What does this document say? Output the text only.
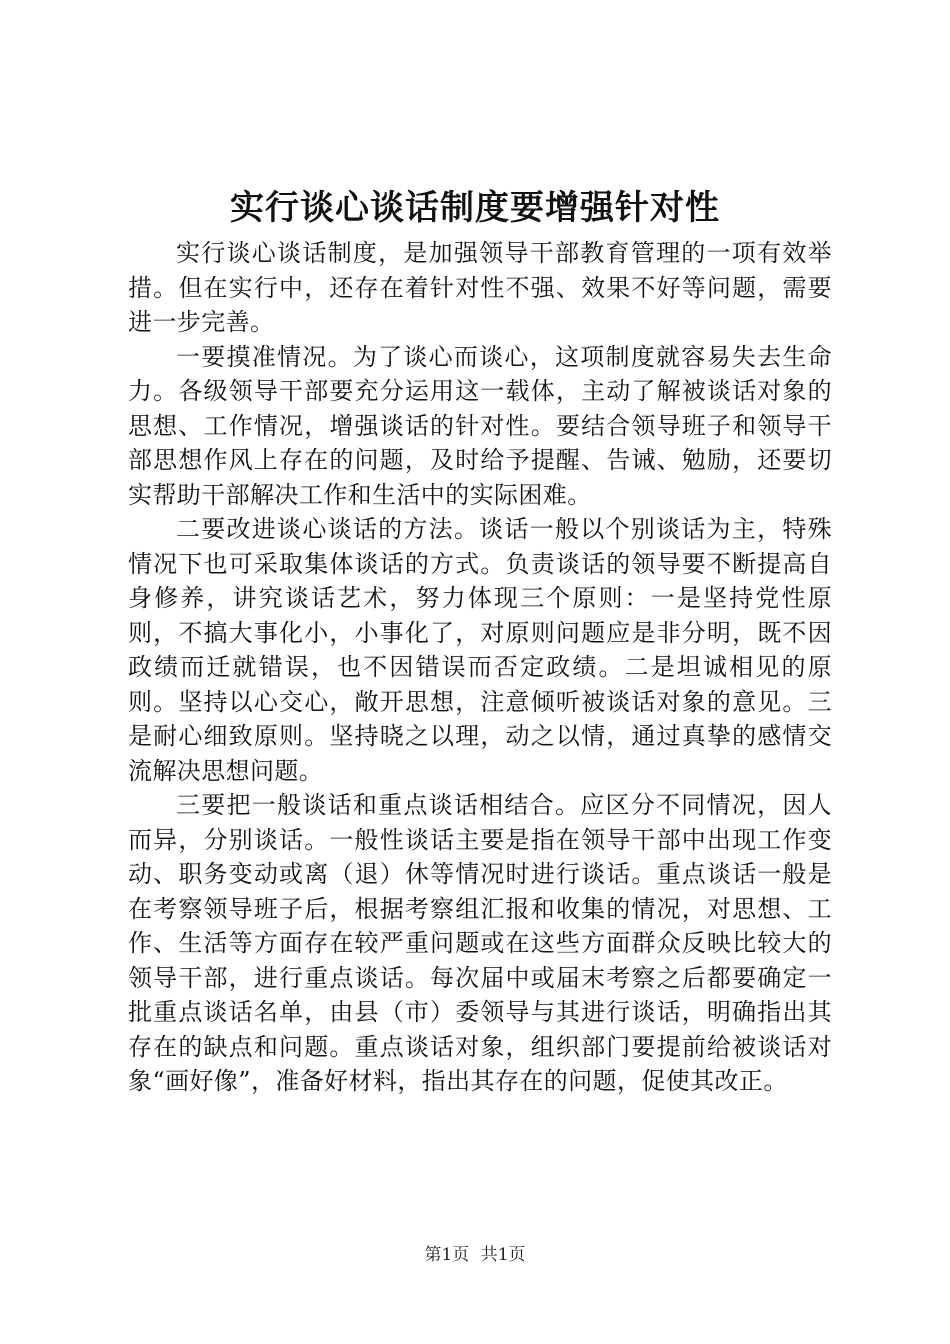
实行谈心谈话制度要增强针对性

实行谈心谈话制度，是加强领导干部教育管理的一项有效举措。但在实行中，还存在着针对性不强、效果不好等问题，需要进一步完善。

一要摸准情况。为了谈心而谈心，这项制度就容易失去生命力。各级领导干部要充分运用这一载体，主动了解被谈话对象的思想、工作情况，增强谈话的针对性。要结合领导班子和领导干部思想作风上存在的问题，及时给予提醒、告诫、勉励，还要切实帮助干部解决工作和生活中的实际困难。

二要改进谈心谈话的方法。谈话一般以个别谈话为主，特殊情况下也可采取集体谈话的方式。负责谈话的领导要不断提高自身修养，讲究谈话艺术，努力体现三个原则：一是坚持党性原则，不搞大事化小，小事化了，对原则问题应是非分明，既不因政绩而迁就错误，也不因错误而否定政绩。二是坦诚相见的原则。坚持以心交心，敞开思想，注意倾听被谈话对象的意见。三是耐心细致原则。坚持晓之以理，动之以情，通过真挚的感情交流解决思想问题。

三要把一般谈话和重点谈话相结合。应区分不同情况，因人而异，分别谈话。一般性谈话主要是指在领导干部中出现工作变动、职务变动或离（退）休等情况时进行谈话。重点谈话一般是在考察领导班子后，根据考察组汇报和收集的情况，对思想、工作、生活等方面存在较严重问题或在这些方面群众反映比较大的领导干部，进行重点谈话。每次届中或届末考察之后都要确定一批重点谈话名单，由县（市）委领导与其进行谈话，明确指出其存在的缺点和问题。重点谈话对象，组织部门要提前给被谈话对象“画好像”，准备好材料，指出其存在的问题，促使其改正。

第1页 共1页
